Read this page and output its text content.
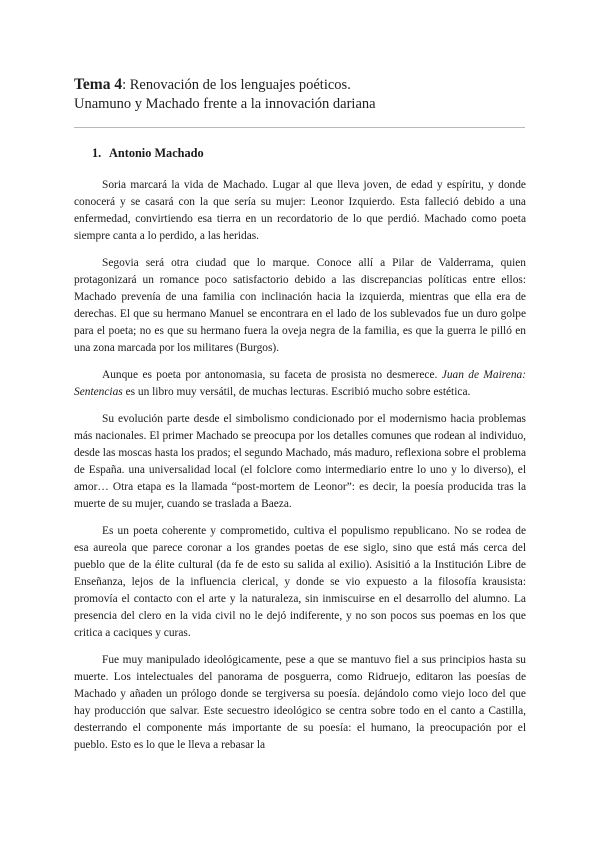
Tema 4: Renovación de los lenguajes poéticos.
Unamuno y Machado frente a la innovación dariana
1. Antonio Machado

Soria marcará la vida de Machado. Lugar al que lleva joven, de edad y espíritu, y donde conocerá y se casará con la que sería su mujer: Leonor Izquierdo. Esta falleció debido a una enfermedad, convirtiendo esa tierra en un recordatorio de lo que perdió. Machado como poeta siempre canta a lo perdido, a las heridas.

Segovia será otra ciudad que lo marque. Conoce allí a Pilar de Valderrama, quien protagonizará un romance poco satisfactorio debido a las discrepancias políticas entre ellos: Machado prevenía de una familia con inclinación hacia la izquierda, mientras que ella era de derechas. El que su hermano Manuel se encontrara en el lado de los sublevados fue un duro golpe para el poeta; no es que su hermano fuera la oveja negra de la familia, es que la guerra le pilló en una zona marcada por los militares (Burgos).

Aunque es poeta por antonomasia, su faceta de prosista no desmerece. Juan de Mairena: Sentencias es un libro muy versátil, de muchas lecturas. Escribió mucho sobre estética.

Su evolución parte desde el simbolismo condicionado por el modernismo hacia problemas más nacionales. El primer Machado se preocupa por los detalles comunes que rodean al individuo, desde las moscas hasta los prados; el segundo Machado, más maduro, reflexiona sobre el problema de España. una universalidad local (el folclore como intermediario entre lo uno y lo diverso), el amor… Otra etapa es la llamada “post-mortem de Leonor”: es decir, la poesía producida tras la muerte de su mujer, cuando se traslada a Baeza.

Es un poeta coherente y comprometido, cultiva el populismo republicano. No se rodea de esa aureola que parece coronar a los grandes poetas de ese siglo, sino que está más cerca del pueblo que de la élite cultural (da fe de esto su salida al exilio). Asisitió a la Institución Libre de Enseñanza, lejos de la influencia clerical, y donde se vio expuesto a la filosofía krausista: promovía el contacto con el arte y la naturaleza, sin inmiscuirse en el desarrollo del alumno. La presencia del clero en la vida civil no le dejó indiferente, y no son pocos sus poemas en los que critica a caciques y curas.

Fue muy manipulado ideológicamente, pese a que se mantuvo fiel a sus principios hasta su muerte. Los intelectuales del panorama de posguerra, como Ridruejo, editaron las poesías de Machado y añaden un prólogo donde se tergiversa su poesía. dejándolo como viejo loco del que hay producción que salvar. Este secuestro ideológico se centra sobre todo en el canto a Castilla, desterrando el componente más importante de su poesía: el humano, la preocupación por el pueblo. Esto es lo que le lleva a rebasar la
